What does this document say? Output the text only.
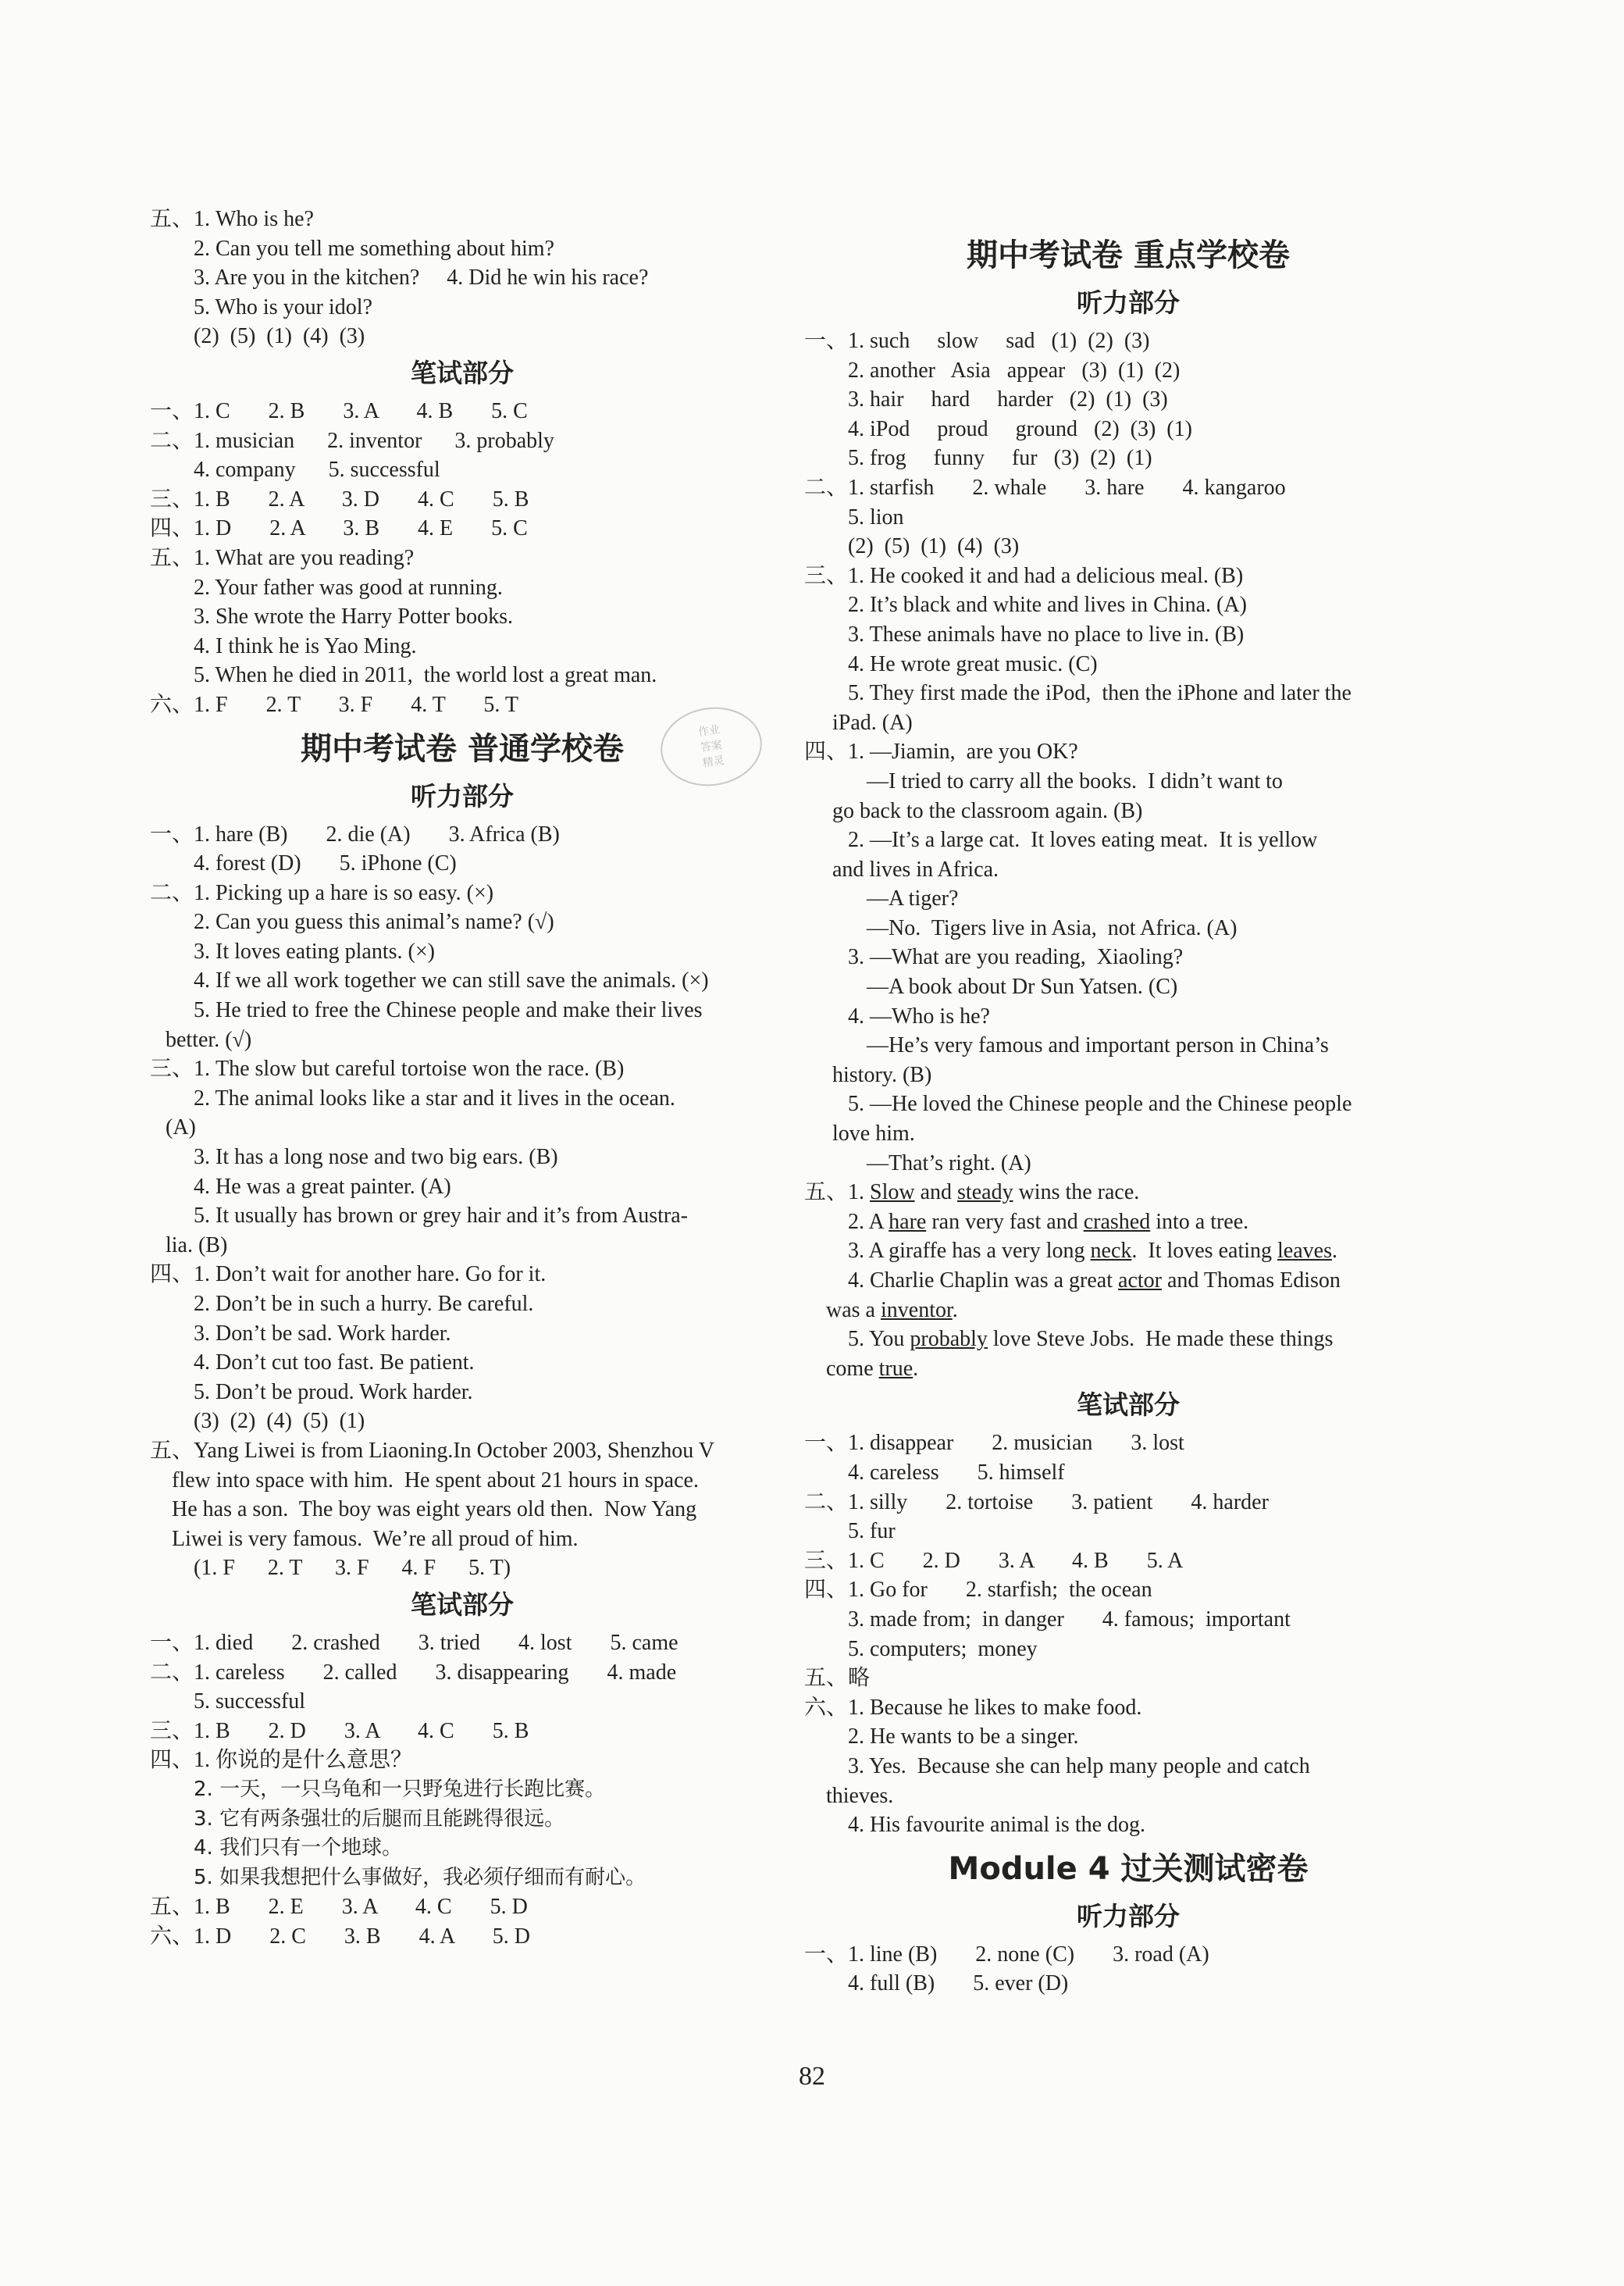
五、1. Who is he?
2. Can you tell me something about him?
3. Are you in the kitchen?     4. Did he win his race?
5. Who is your idol?
(2)  (5)  (1)  (4)  (3)
笔试部分
一、1. C       2. B       3. A       4. B       5. C
二、1. musician      2. inventor      3. probably
4. company      5. successful
三、1. B       2. A       3. D       4. C       5. B
四、1. D       2. A       3. B       4. E       5. C
五、1. What are you reading?
2. Your father was good at running.
3. She wrote the Harry Potter books.
4. I think he is Yao Ming.
5. When he died in 2011,  the world lost a great man.
六、1. F       2. T       3. F       4. T       5. T
期中考试卷 普通学校卷
听力部分
一、1. hare (B)       2. die (A)       3. Africa (B)
4. forest (D)       5. iPhone (C)
二、1. Picking up a hare is so easy. (×)
2. Can you guess this animal’s name? (√)
3. It loves eating plants. (×)
4. If we all work together we can still save the animals. (×)
5. He tried to free the Chinese people and make their lives
better. (√)
三、1. The slow but careful tortoise won the race. (B)
2. The animal looks like a star and it lives in the ocean.
(A)
3. It has a long nose and two big ears. (B)
4. He was a great painter. (A)
5. It usually has brown or grey hair and it’s from Austra-
lia. (B)
四、1. Don’t wait for another hare. Go for it.
2. Don’t be in such a hurry. Be careful.
3. Don’t be sad. Work harder.
4. Don’t cut too fast. Be patient.
5. Don’t be proud. Work harder.
(3)  (2)  (4)  (5)  (1)
五、Yang Liwei is from Liaoning.In October 2003, Shenzhou V
flew into space with him.  He spent about 21 hours in space.
He has a son.  The boy was eight years old then.  Now Yang
Liwei is very famous.  We’re all proud of him.
(1. F      2. T      3. F      4. F      5. T)
笔试部分
一、1. died       2. crashed       3. tried       4. lost       5. came
二、1. careless       2. called       3. disappearing       4. made
5. successful
三、1. B       2. D       3. A       4. C       5. B
四、1. 你说的是什么意思？
2. 一天，一只乌龟和一只野兔进行长跑比赛。
3. 它有两条强壮的后腿而且能跳得很远。
4. 我们只有一个地球。
5. 如果我想把什么事做好，我必须仔细而有耐心。
五、1. B       2. E       3. A       4. C       5. D
六、1. D       2. C       3. B       4. A       5. D
作业
答案
精灵
期中考试卷 重点学校卷
听力部分
一、1. such     slow     sad   (1)  (2)  (3)
2. another   Asia   appear   (3)  (1)  (2)
3. hair     hard     harder   (2)  (1)  (3)
4. iPod     proud     ground   (2)  (3)  (1)
5. frog     funny     fur   (3)  (2)  (1)
二、1. starfish       2. whale       3. hare       4. kangaroo
5. lion
(2)  (5)  (1)  (4)  (3)
三、1. He cooked it and had a delicious meal. (B)
2. It’s black and white and lives in China. (A)
3. These animals have no place to live in. (B)
4. He wrote great music. (C)
5. They first made the iPod,  then the iPhone and later the
iPad. (A)
四、1. —Jiamin,  are you OK?
—I tried to carry all the books.  I didn’t want to
go back to the classroom again. (B)
2. —It’s a large cat.  It loves eating meat.  It is yellow
and lives in Africa.
—A tiger?
—No.  Tigers live in Asia,  not Africa. (A)
3. —What are you reading,  Xiaoling?
—A book about Dr Sun Yatsen. (C)
4. —Who is he?
—He’s very famous and important person in China’s
history. (B)
5. —He loved the Chinese people and the Chinese people
love him.
—That’s right. (A)
五、1. Slow and steady wins the race.
2. A hare ran very fast and crashed into a tree.
3. A giraffe has a very long neck.  It loves eating leaves.
4. Charlie Chaplin was a great actor and Thomas Edison
was a inventor.
5. You probably love Steve Jobs.  He made these things
come true.
笔试部分
一、1. disappear       2. musician       3. lost
4. careless       5. himself
二、1. silly       2. tortoise       3. patient       4. harder
5. fur
三、1. C       2. D       3. A       4. B       5. A
四、1. Go for       2. starfish;  the ocean
3. made from;  in danger       4. famous;  important
5. computers;  money
五、略
六、1. Because he likes to make food.
2. He wants to be a singer.
3. Yes.  Because she can help many people and catch
thieves.
4. His favourite animal is the dog.
Module 4 过关测试密卷
听力部分
一、1. line (B)       2. none (C)       3. road (A)
4. full (B)       5. ever (D)
82
